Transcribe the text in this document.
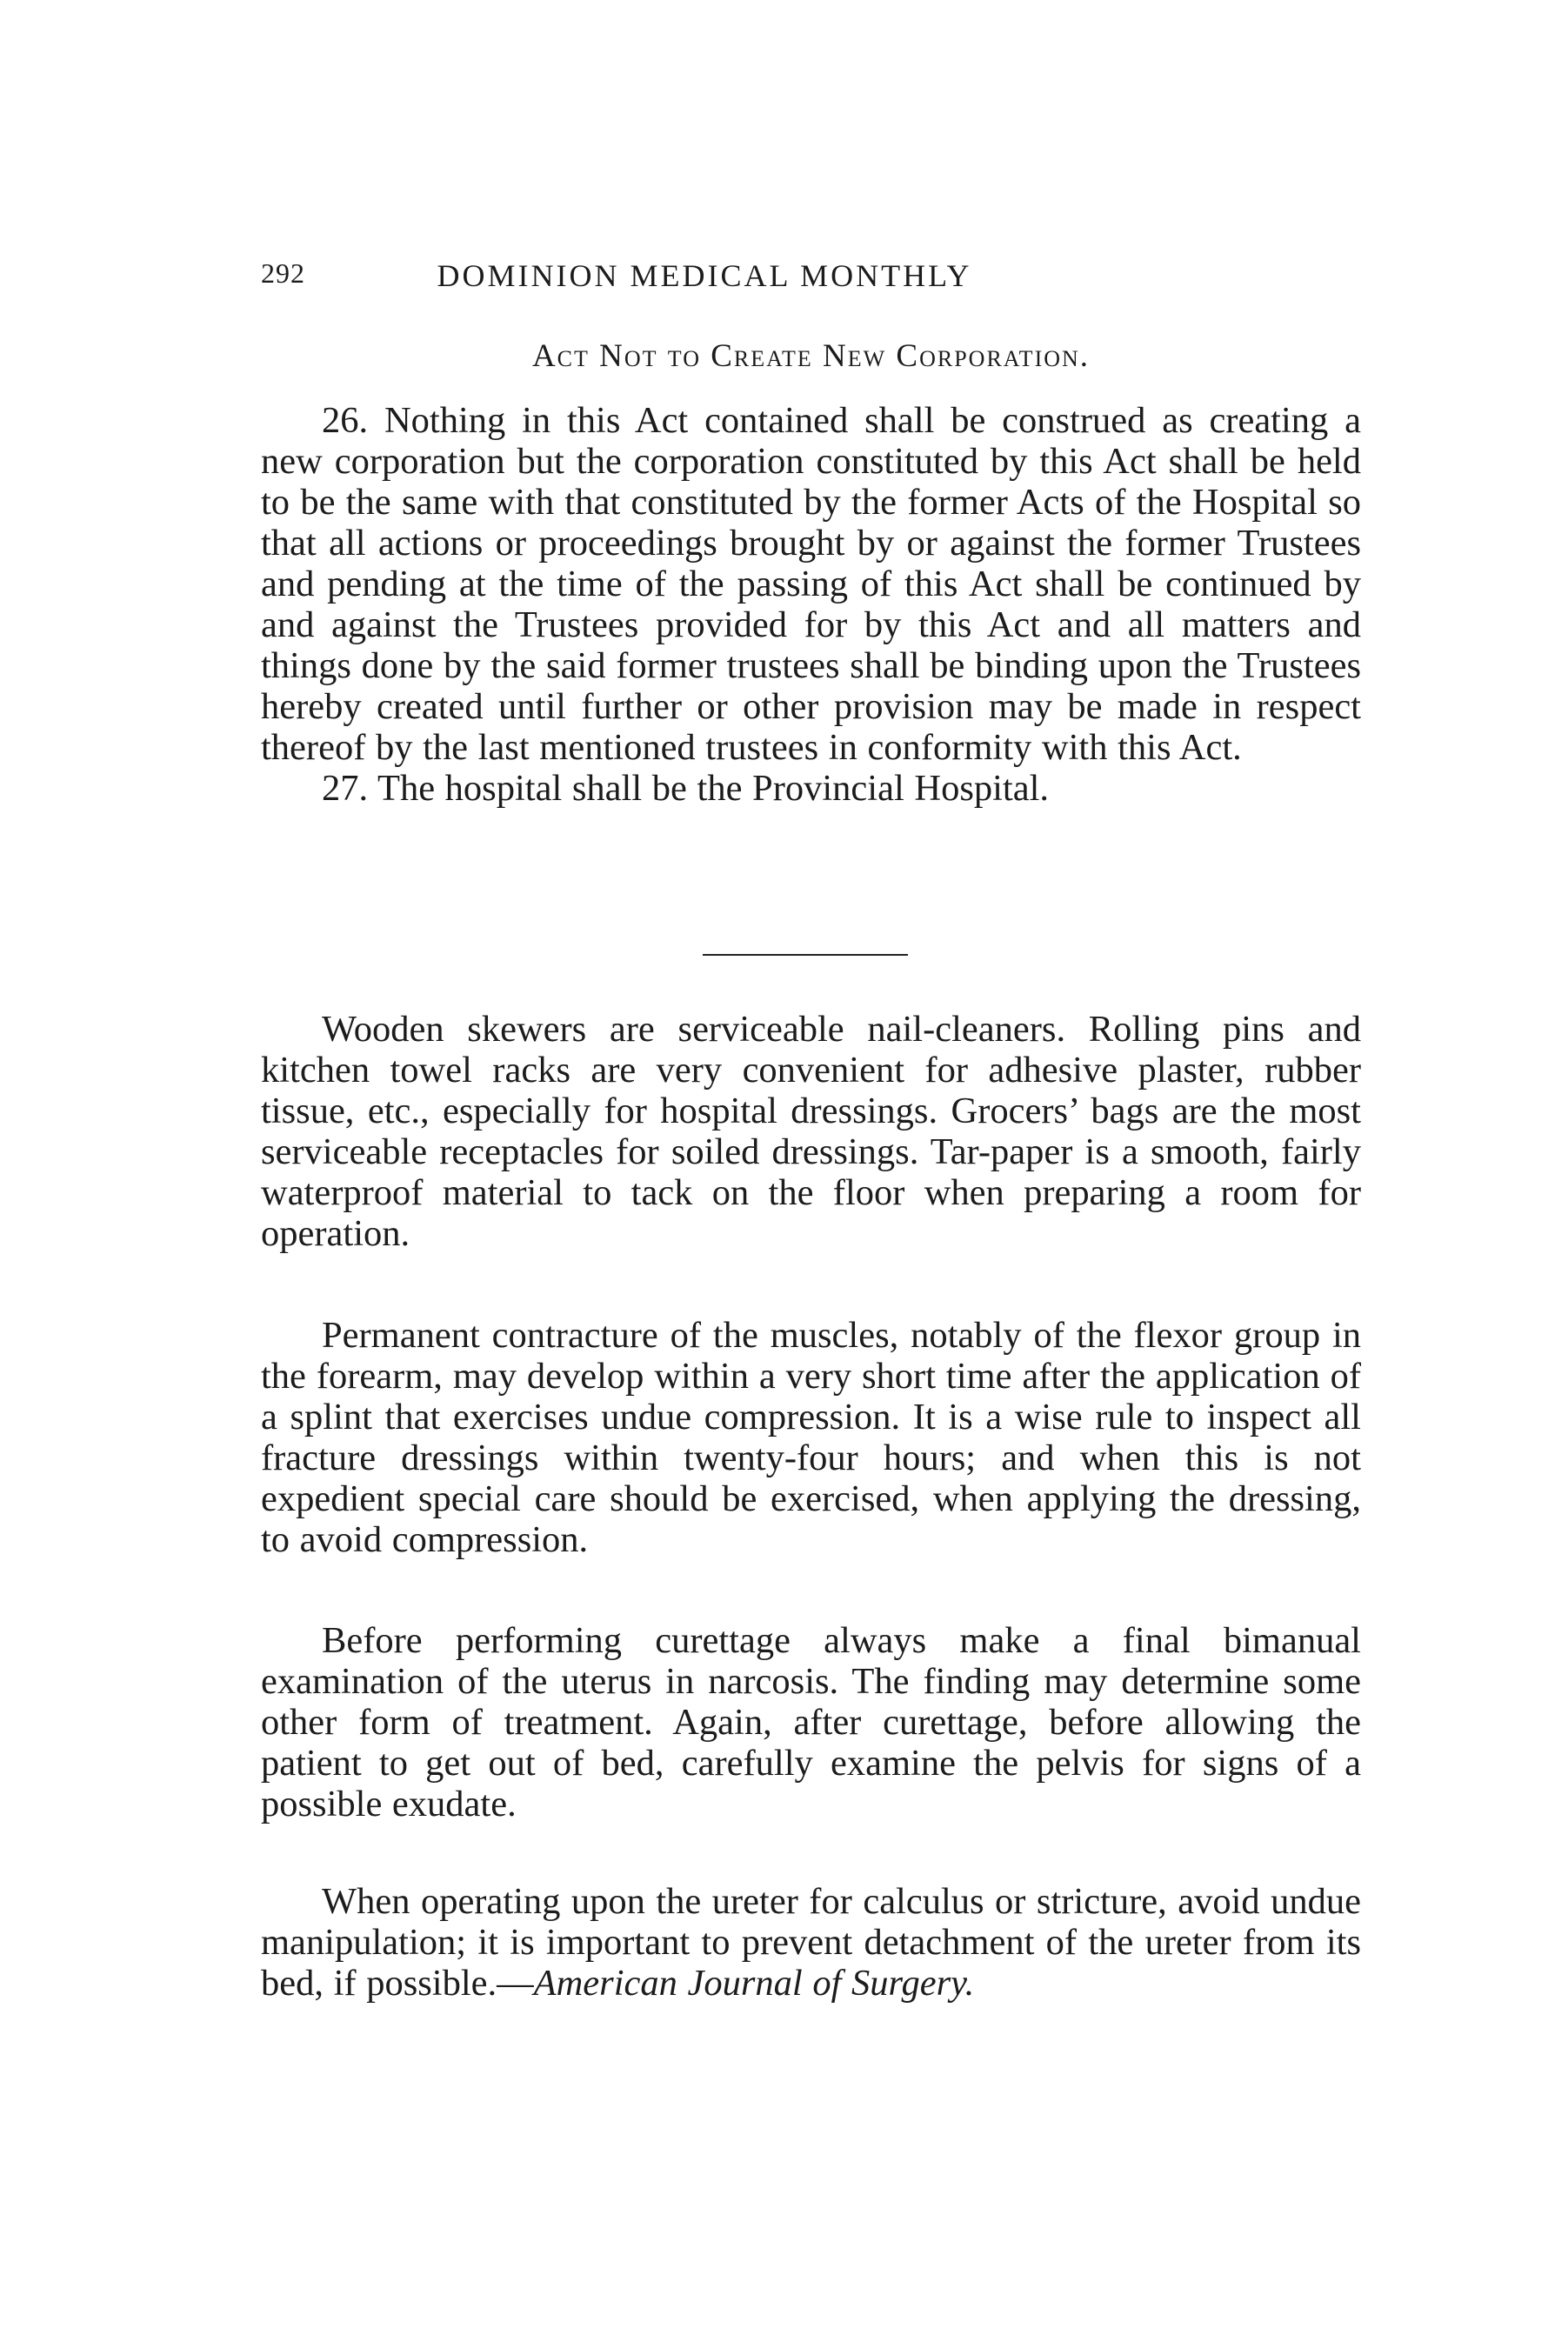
292	DOMINION MEDICAL MONTHLY
Act Not to Create New Corporation.

26. Nothing in this Act contained shall be construed as creating a new corporation but the corporation constituted by this Act shall be held to be the same with that constituted by the former Acts of the Hospital so that all actions or proceedings brought by or against the former Trustees and pending at the time of the passing of this Act shall be continued by and against the Trustees provided for by this Act and all matters and things done by the said former trustees shall be binding upon the Trustees hereby created until further or other provision may be made in respect thereof by the last mentioned trustees in conformity with this Act.

27. The hospital shall be the Provincial Hospital.

Wooden skewers are serviceable nail-cleaners. Rolling pins and kitchen towel racks are very convenient for adhesive plaster, rubber tissue, etc., especially for hospital dressings. Grocers’ bags are the most serviceable receptacles for soiled dressings. Tar-paper is a smooth, fairly waterproof material to tack on the floor when preparing a room for operation.

Permanent contracture of the muscles, notably of the flexor group in the forearm, may develop within a very short time after the application of a splint that exercises undue compression. It is a wise rule to inspect all fracture dressings within twenty-four hours; and when this is not expedient special care should be exercised, when applying the dressing, to avoid compression.

Before performing curettage always make a final bimanual examination of the uterus in narcosis. The finding may determine some other form of treatment. Again, after curettage, before allowing the patient to get out of bed, carefully examine the pelvis for signs of a possible exudate.

When operating upon the ureter for calculus or stricture, avoid undue manipulation; it is important to prevent detachment of the ureter from its bed, if possible.—American Journal of Surgery.
